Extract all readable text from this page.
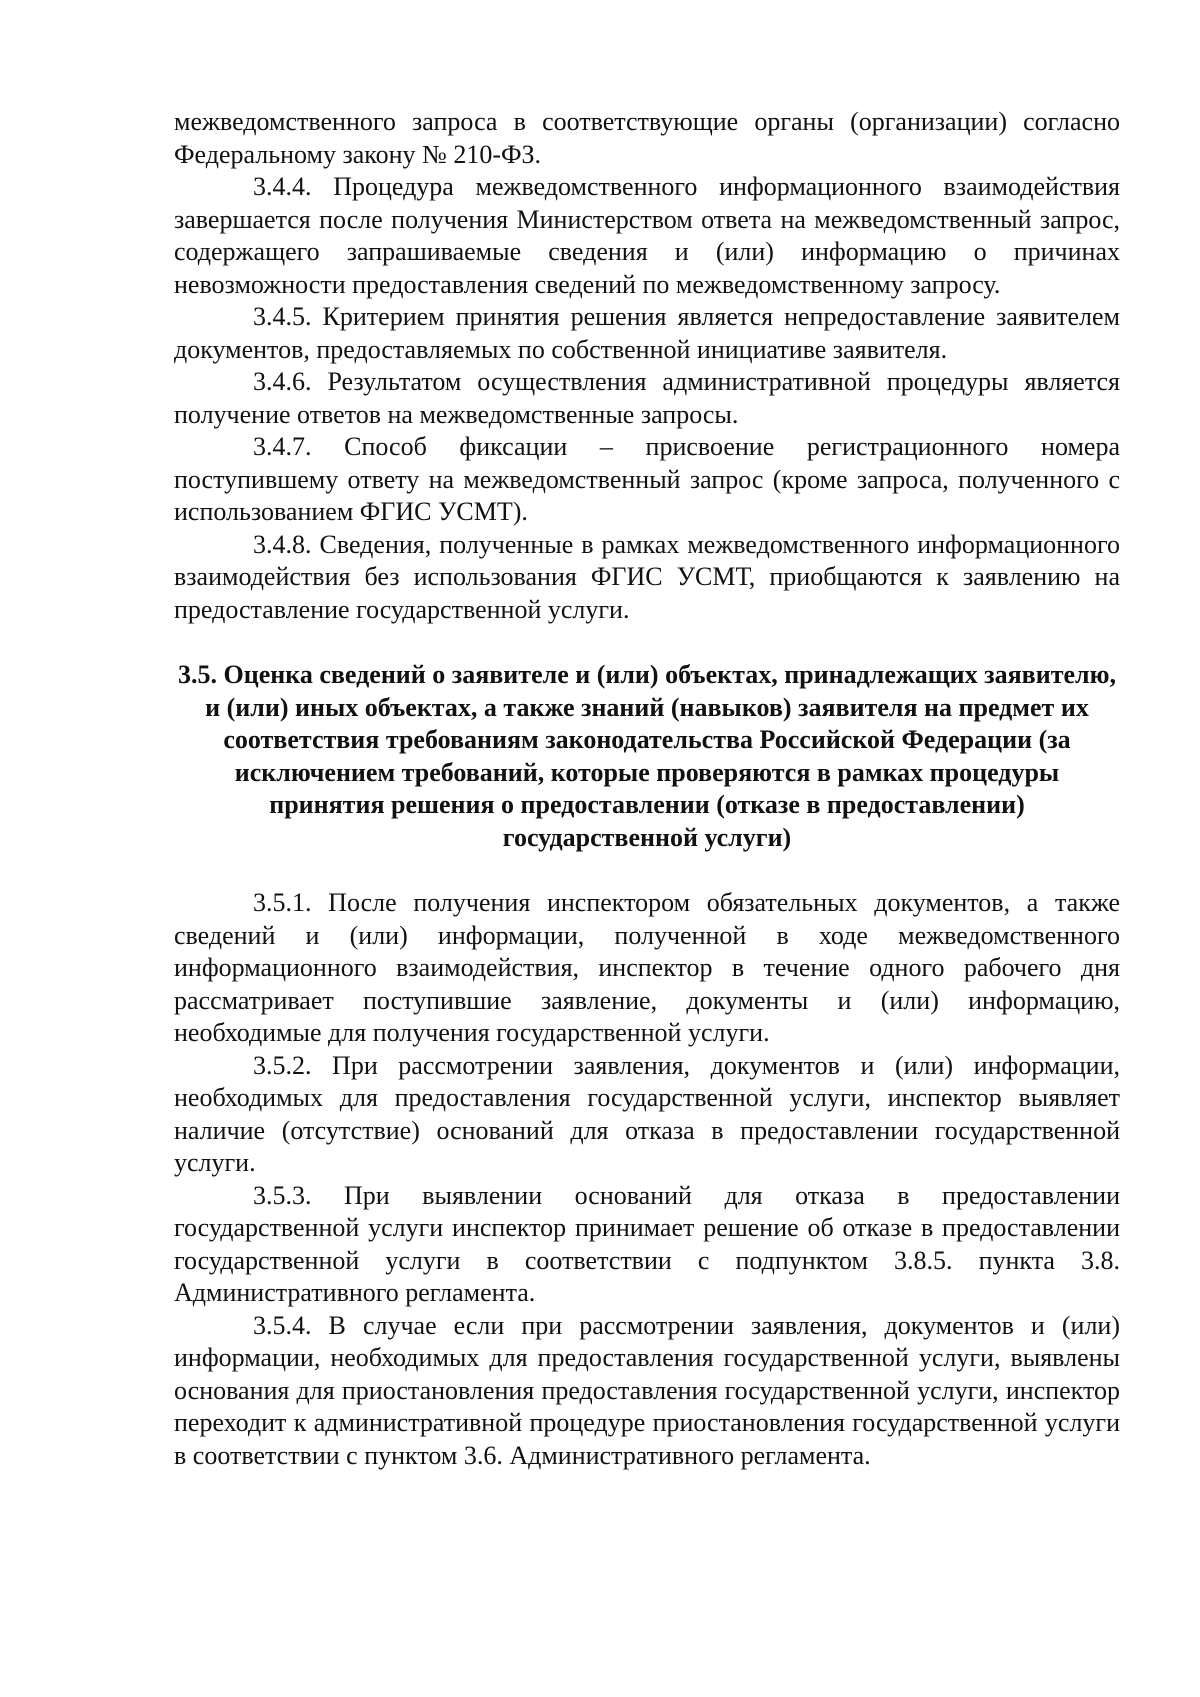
межведомственного запроса в соответствующие органы (организации) согласно Федеральному закону № 210-ФЗ.

3.4.4. Процедура межведомственного информационного взаимодействия завершается после получения Министерством ответа на межведомственный запрос, содержащего запрашиваемые сведения и (или) информацию о причинах невозможности предоставления сведений по межведомственному запросу.

3.4.5. Критерием принятия решения является непредоставление заявителем документов, предоставляемых по собственной инициативе заявителя.

3.4.6. Результатом осуществления административной процедуры является получение ответов на межведомственные запросы.

3.4.7. Способ фиксации – присвоение регистрационного номера поступившему ответу на межведомственный запрос (кроме запроса, полученного с использованием ФГИС УСМТ).

3.4.8. Сведения, полученные в рамках межведомственного информационного взаимодействия без использования ФГИС УСМТ, приобщаются к заявлению на предоставление государственной услуги.

3.5. Оценка сведений о заявителе и (или) объектах, принадлежащих заявителю, и (или) иных объектах, а также знаний (навыков) заявителя на предмет их соответствия требованиям законодательства Российской Федерации (за исключением требований, которые проверяются в рамках процедуры принятия решения о предоставлении (отказе в предоставлении) государственной услуги)

3.5.1. После получения инспектором обязательных документов, а также сведений и (или) информации, полученной в ходе межведомственного информационного взаимодействия, инспектор в течение одного рабочего дня рассматривает поступившие заявление, документы и (или) информацию, необходимые для получения государственной услуги.

3.5.2. При рассмотрении заявления, документов и (или) информации, необходимых для предоставления государственной услуги, инспектор выявляет наличие (отсутствие) оснований для отказа в предоставлении государственной услуги.

3.5.3. При выявлении оснований для отказа в предоставлении государственной услуги инспектор принимает решение об отказе в предоставлении государственной услуги в соответствии с подпунктом 3.8.5. пункта 3.8. Административного регламента.

3.5.4. В случае если при рассмотрении заявления, документов и (или) информации, необходимых для предоставления государственной услуги, выявлены основания для приостановления предоставления государственной услуги, инспектор переходит к административной процедуре приостановления государственной услуги в соответствии с пунктом 3.6. Административного регламента.
